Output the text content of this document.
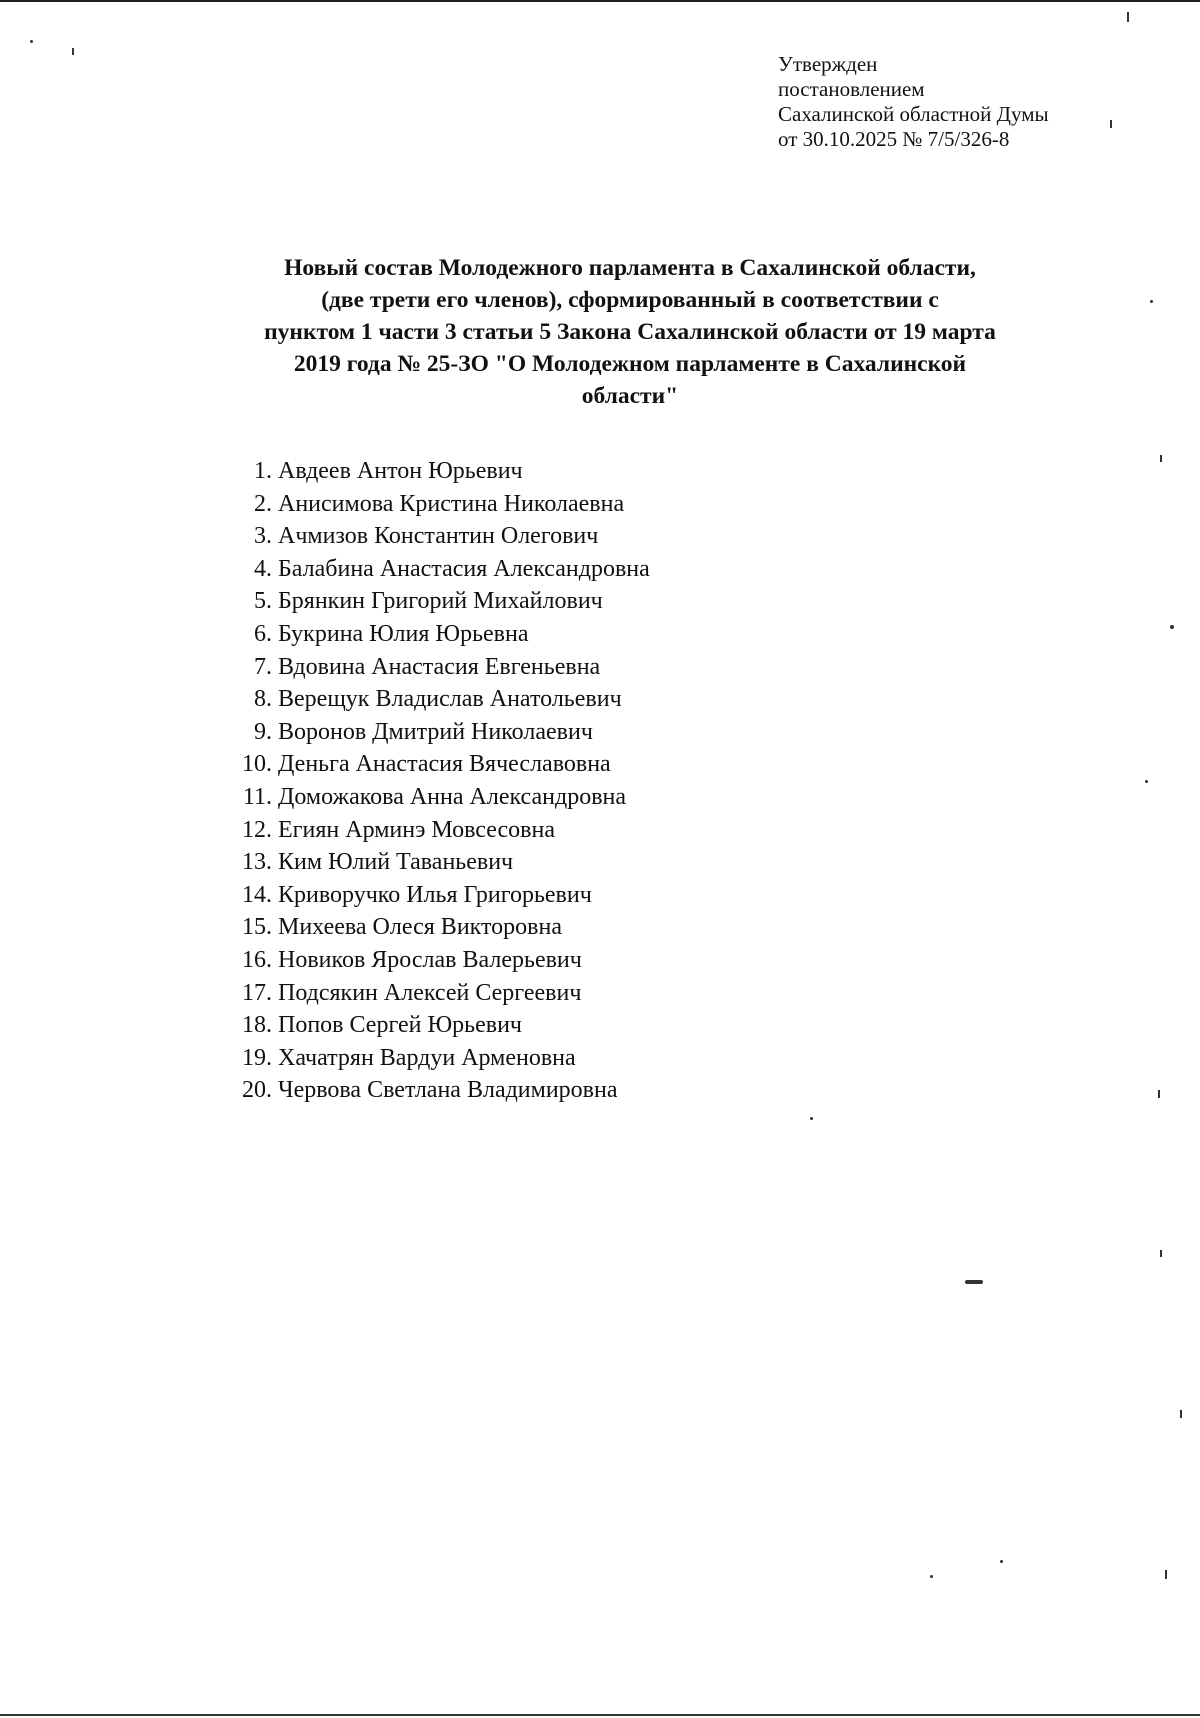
Утвержден
постановлением
Сахалинской областной Думы
от 30.10.2025 № 7/5/326-8
Новый состав Молодежного парламента в Сахалинской области,
(две трети его членов), сформированный в соответствии с
пунктом 1 части 3 статьи 5 Закона Сахалинской области от 19 марта
2019 года № 25-ЗО "О Молодежном парламенте в Сахалинской
области"
1. Авдеев Антон Юрьевич
2. Анисимова Кристина Николаевна
3. Ачмизов Константин Олегович
4. Балабина Анастасия Александровна
5. Брянкин Григорий Михайлович
6. Букрина Юлия Юрьевна
7. Вдовина Анастасия Евгеньевна
8. Верещук Владислав Анатольевич
9. Воронов Дмитрий Николаевич
10. Деньга Анастасия Вячеславовна
11. Доможакова Анна Александровна
12. Егиян Арминэ Мовсесовна
13. Ким Юлий Таваньевич
14. Криворучко Илья Григорьевич
15. Михеева Олеся Викторовна
16. Новиков Ярослав Валерьевич
17. Подсякин Алексей Сергеевич
18. Попов Сергей Юрьевич
19. Хачатрян Вардуи Арменовна
20. Червова Светлана Владимировна
